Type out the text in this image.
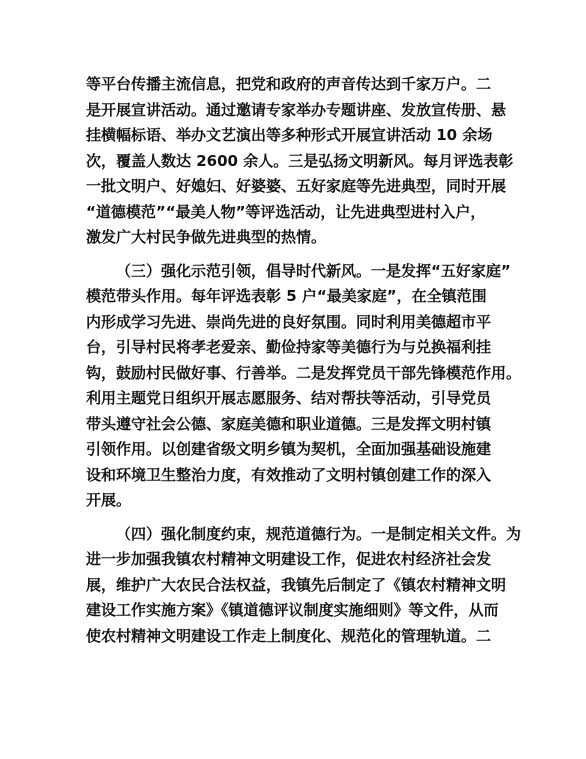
等平台传播主流信息，把党和政府的声音传达到千家万户。二
是开展宣讲活动。通过邀请专家举办专题讲座、发放宣传册、悬
挂横幅标语、举办文艺演出等多种形式开展宣讲活动 10 余场
次，覆盖人数达 2600 余人。三是弘扬文明新风。每月评选表彰
一批文明户、好媳妇、好婆婆、五好家庭等先进典型，同时开展
“道德模范”“最美人物”等评选活动，让先进典型进村入户，
激发广大村民争做先进典型的热情。
（三）强化示范引领，倡导时代新风。一是发挥“五好家庭”
模范带头作用。每年评选表彰 5 户“最美家庭”，在全镇范围
内形成学习先进、崇尚先进的良好氛围。同时利用美德超市平
台，引导村民将孝老爱亲、勤俭持家等美德行为与兑换福利挂
钩，鼓励村民做好事、行善举。二是发挥党员干部先锋模范作用。
利用主题党日组织开展志愿服务、结对帮扶等活动，引导党员
带头遵守社会公德、家庭美德和职业道德。三是发挥文明村镇
引领作用。以创建省级文明乡镇为契机，全面加强基础设施建
设和环境卫生整治力度，有效推动了文明村镇创建工作的深入
开展。
（四）强化制度约束，规范道德行为。一是制定相关文件。为
进一步加强我镇农村精神文明建设工作，促进农村经济社会发
展，维护广大农民合法权益，我镇先后制定了《镇农村精神文明
建设工作实施方案》《镇道德评议制度实施细则》等文件，从而
使农村精神文明建设工作走上制度化、规范化的管理轨道。二
